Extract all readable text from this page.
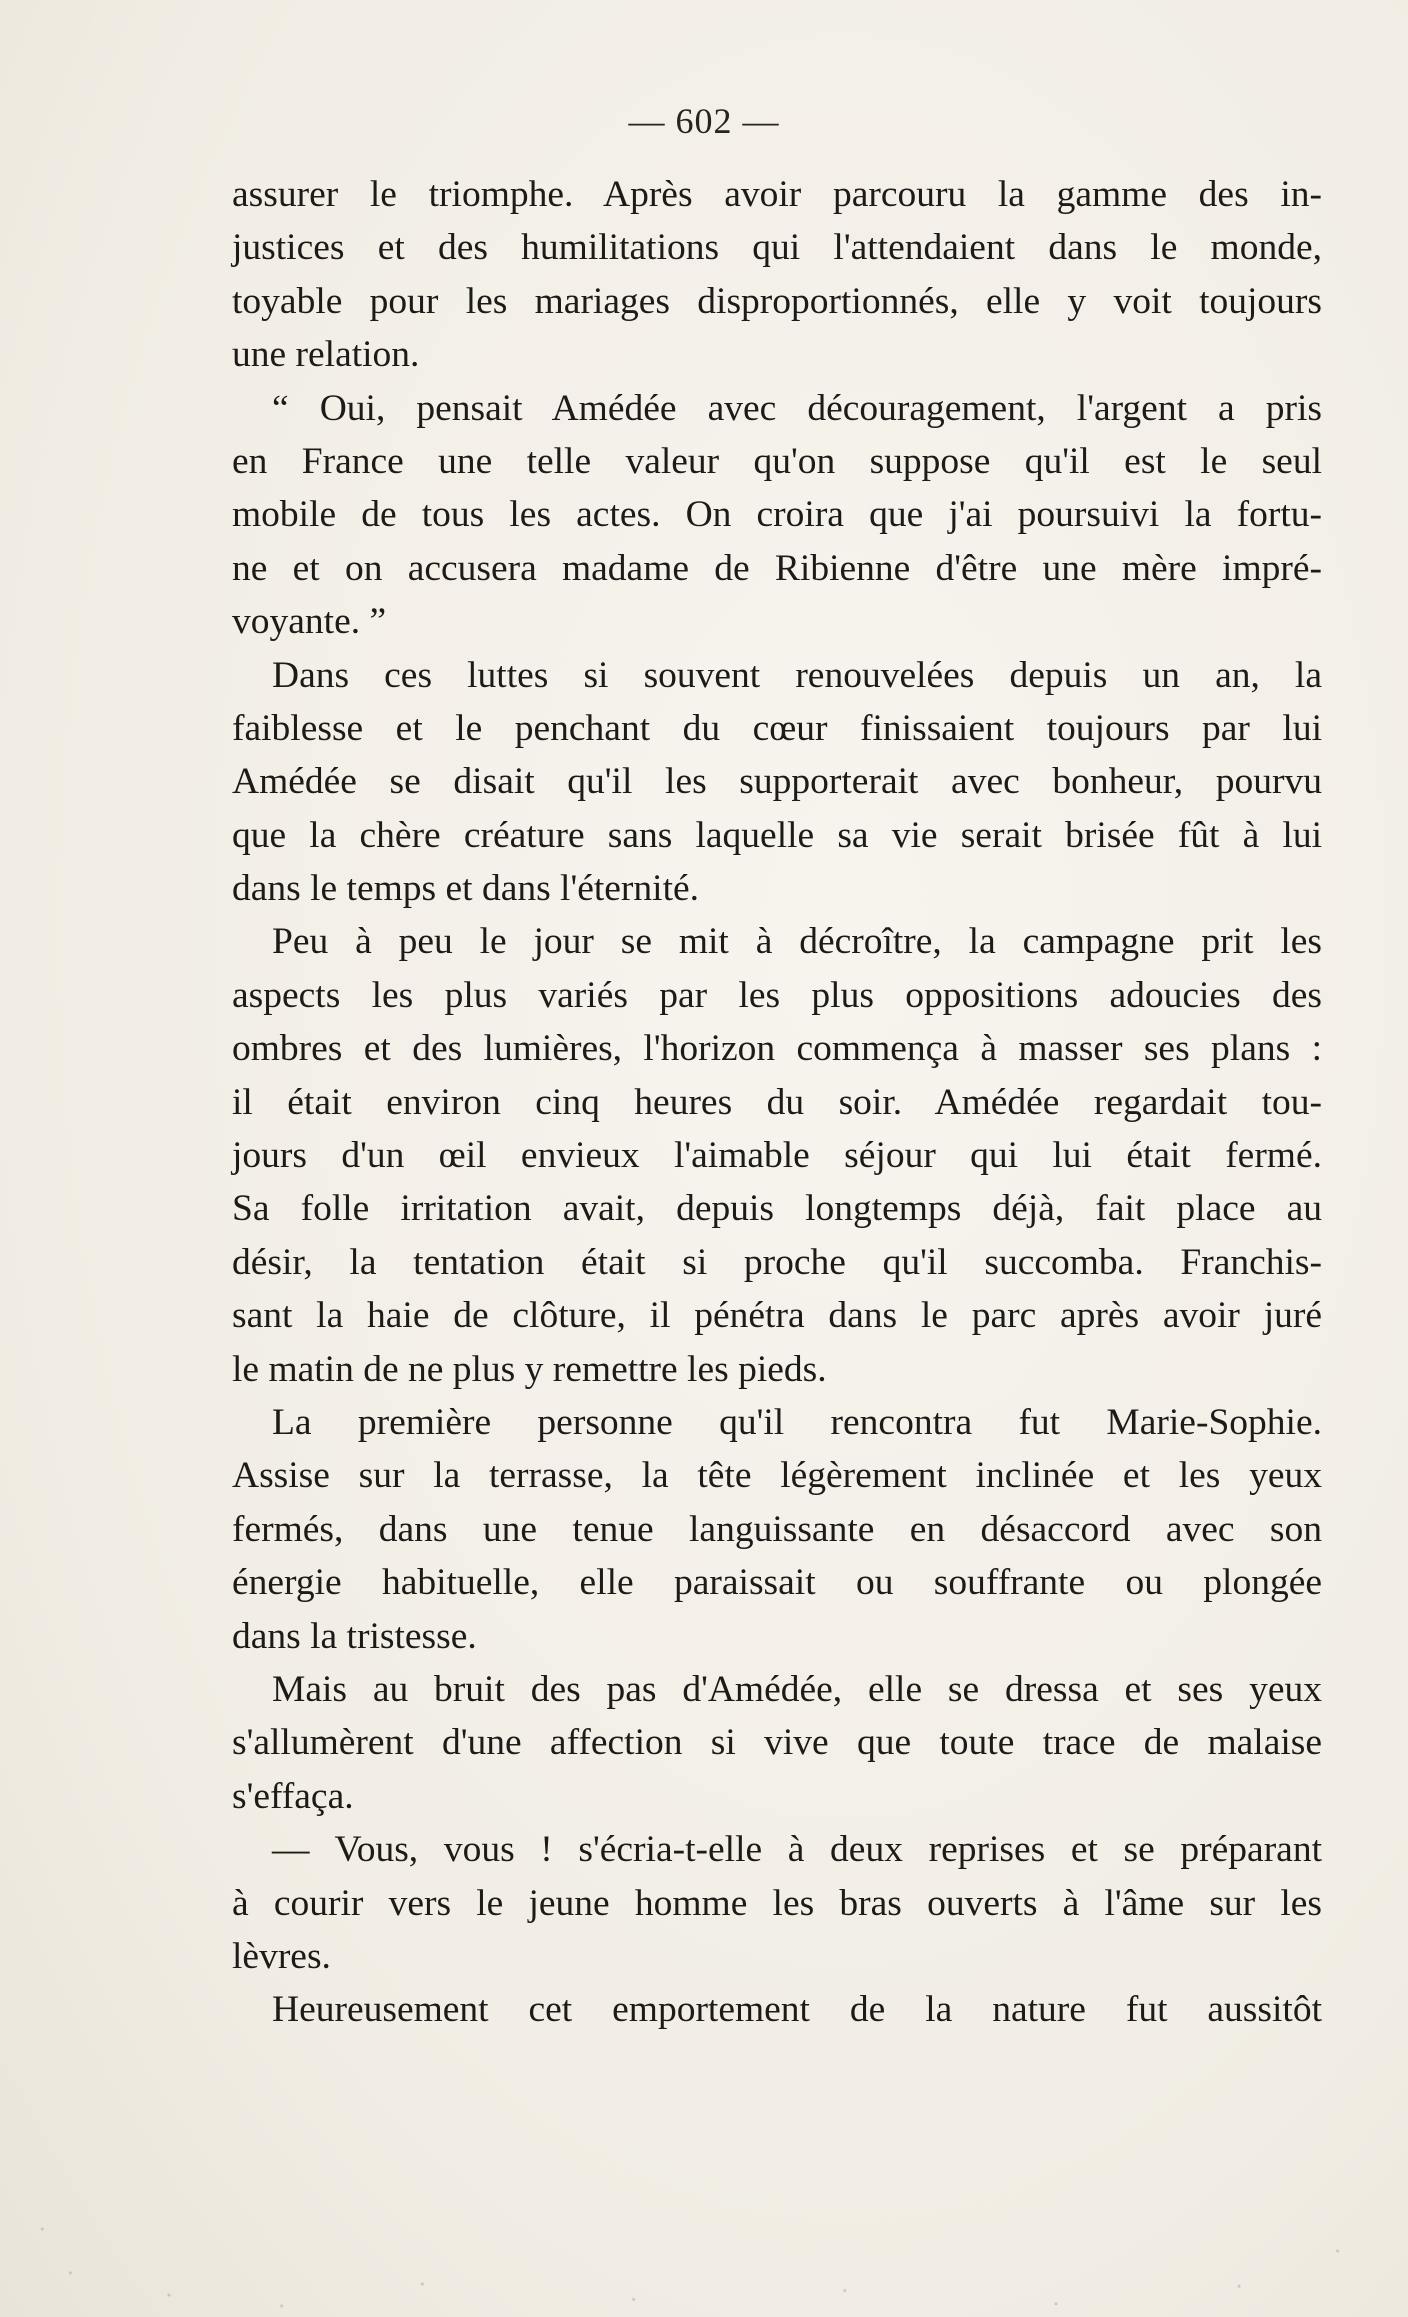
— 602 —
assurer le triomphe. Après avoir parcouru la gamme des in-
justices et des humilitations qui l'attendaient dans le monde,
toyable pour les mariages disproportionnés, elle y voit toujours
une relation.
“ Oui, pensait Amédée avec découragement, l'argent a pris
en France une telle valeur qu'on suppose qu'il est le seul
mobile de tous les actes. On croira que j'ai poursuivi la fortu-
ne et on accusera madame de Ribienne d'être une mère impré-
voyante. ”
Dans ces luttes si souvent renouvelées depuis un an, la
faiblesse et le penchant du cœur finissaient toujours par lui
Amédée se disait qu'il les supporterait avec bonheur, pourvu
que la chère créature sans laquelle sa vie serait brisée fût à lui
dans le temps et dans l'éternité.
Peu à peu le jour se mit à décroître, la campagne prit les
aspects les plus variés par les plus oppositions adoucies des
ombres et des lumières, l'horizon commença à masser ses plans :
il était environ cinq heures du soir. Amédée regardait tou-
jours d'un œil envieux l'aimable séjour qui lui était fermé.
Sa folle irritation avait, depuis longtemps déjà, fait place au
désir, la tentation était si proche qu'il succomba. Franchis-
sant la haie de clôture, il pénétra dans le parc après avoir juré
le matin de ne plus y remettre les pieds.
La première personne qu'il rencontra fut Marie-Sophie.
Assise sur la terrasse, la tête légèrement inclinée et les yeux
fermés, dans une tenue languissante en désaccord avec son
énergie habituelle, elle paraissait ou souffrante ou plongée
dans la tristesse.
Mais au bruit des pas d'Amédée, elle se dressa et ses yeux
s'allumèrent d'une affection si vive que toute trace de malaise
s'effaça.
— Vous, vous ! s'écria-t-elle à deux reprises et se préparant
à courir vers le jeune homme les bras ouverts à l'âme sur les
lèvres.
Heureusement cet emportement de la nature fut aussitôt
